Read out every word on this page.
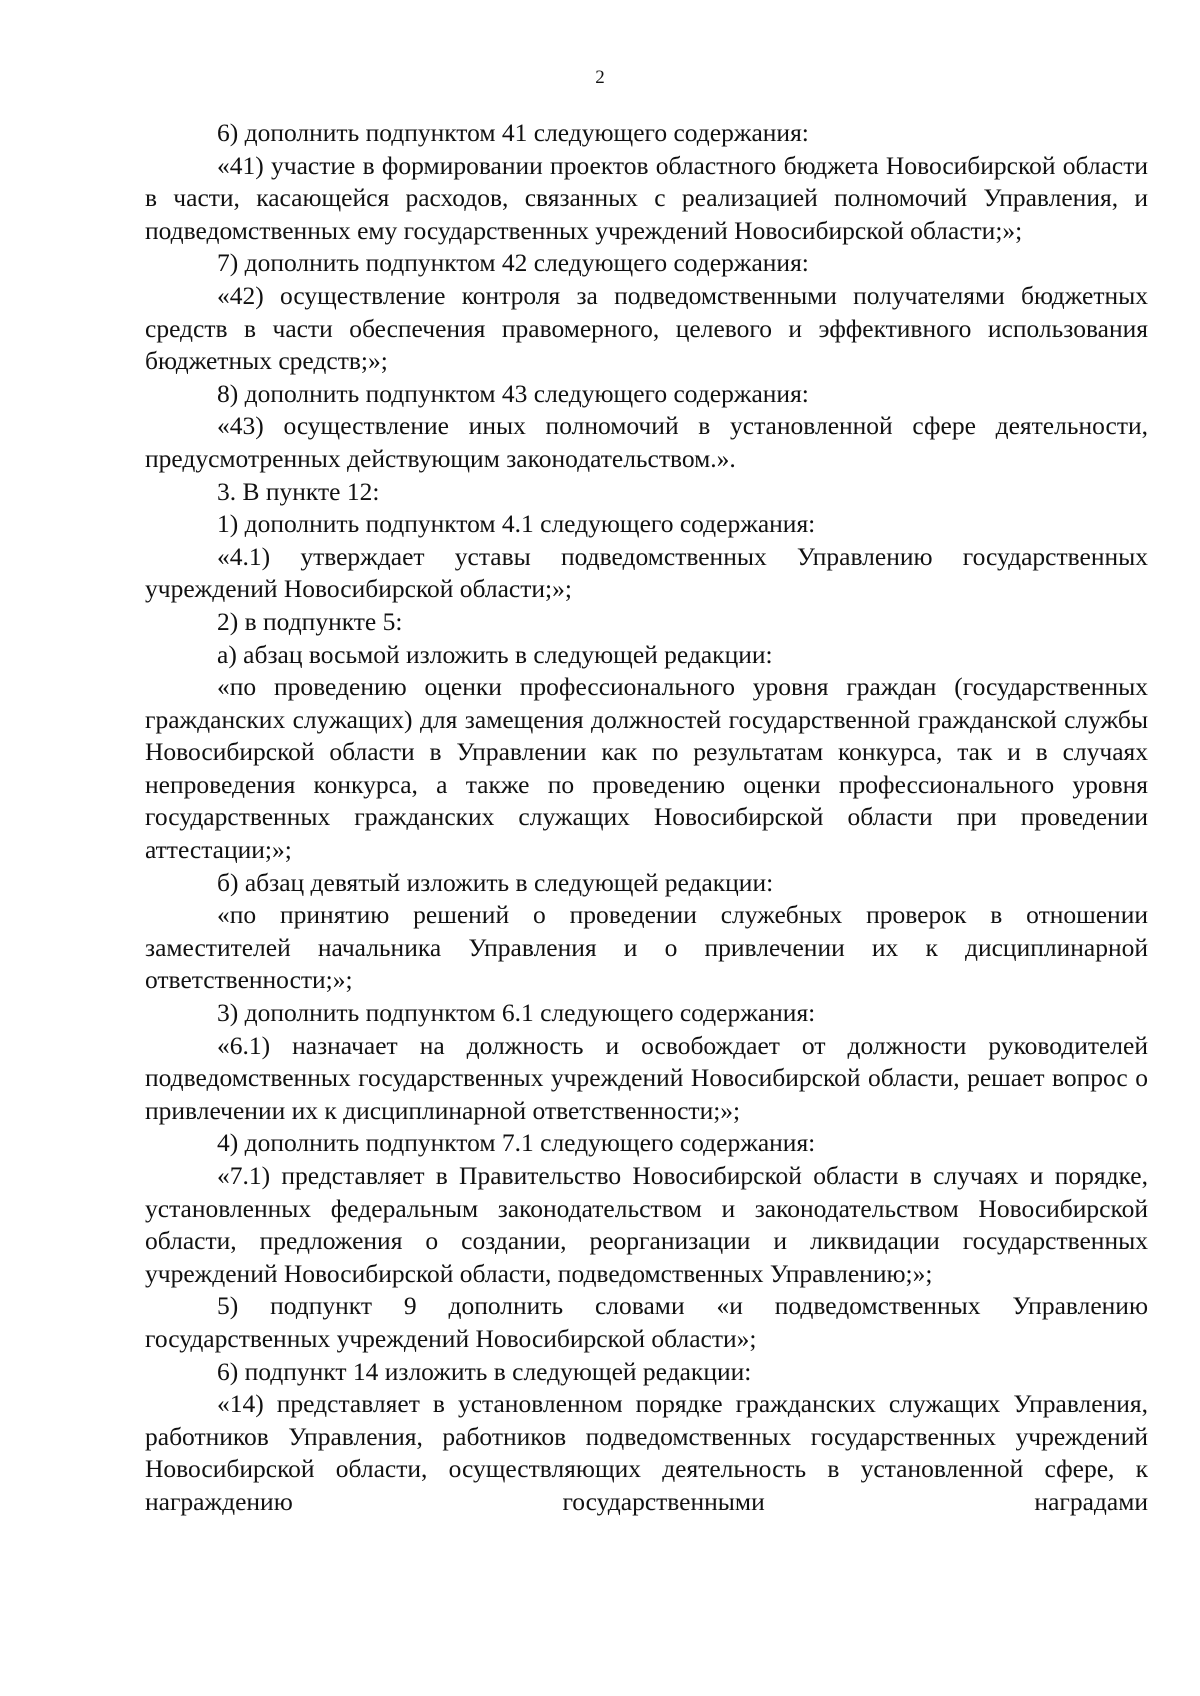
2

6) дополнить подпунктом 41 следующего содержания:

«41) участие в формировании проектов областного бюджета Новосибирской области в части, касающейся расходов, связанных с реализацией полномочий Управления, и подведомственных ему государственных учреждений Новосибирской области;»;

7) дополнить подпунктом 42 следующего содержания:

«42) осуществление контроля за подведомственными получателями бюджетных средств в части обеспечения правомерного, целевого и эффективного использования бюджетных средств;»;

8) дополнить подпунктом 43 следующего содержания:

«43) осуществление иных полномочий в установленной сфере деятельности, предусмотренных действующим законодательством.».

3. В пункте 12:

1) дополнить подпунктом 4.1 следующего содержания:

«4.1) утверждает уставы подведомственных Управлению государственных учреждений Новосибирской области;»;

2) в подпункте 5:

а) абзац восьмой изложить в следующей редакции:

«по проведению оценки профессионального уровня граждан (государственных гражданских служащих) для замещения должностей государственной гражданской службы Новосибирской области в Управлении как по результатам конкурса, так и в случаях непроведения конкурса, а также по проведению оценки профессионального уровня государственных гражданских служащих Новосибирской области при проведении аттестации;»;

б) абзац девятый изложить в следующей редакции:

«по принятию решений о проведении служебных проверок в отношении заместителей начальника Управления и о привлечении их к дисциплинарной ответственности;»;

3) дополнить подпунктом 6.1 следующего содержания:

«6.1) назначает на должность и освобождает от должности руководителей подведомственных государственных учреждений Новосибирской области, решает вопрос о привлечении их к дисциплинарной ответственности;»;

4) дополнить подпунктом 7.1 следующего содержания:

«7.1) представляет в Правительство Новосибирской области в случаях и порядке, установленных федеральным законодательством и законодательством Новосибирской области, предложения о создании, реорганизации и ликвидации государственных учреждений Новосибирской области, подведомственных Управлению;»;

5) подпункт 9 дополнить словами «и подведомственных Управлению государственных учреждений Новосибирской области»;

6) подпункт 14 изложить в следующей редакции:

«14) представляет в установленном порядке гражданских служащих Управления, работников Управления, работников подведомственных государственных учреждений Новосибирской области, осуществляющих деятельность в установленной сфере, к награждению государственными наградами
